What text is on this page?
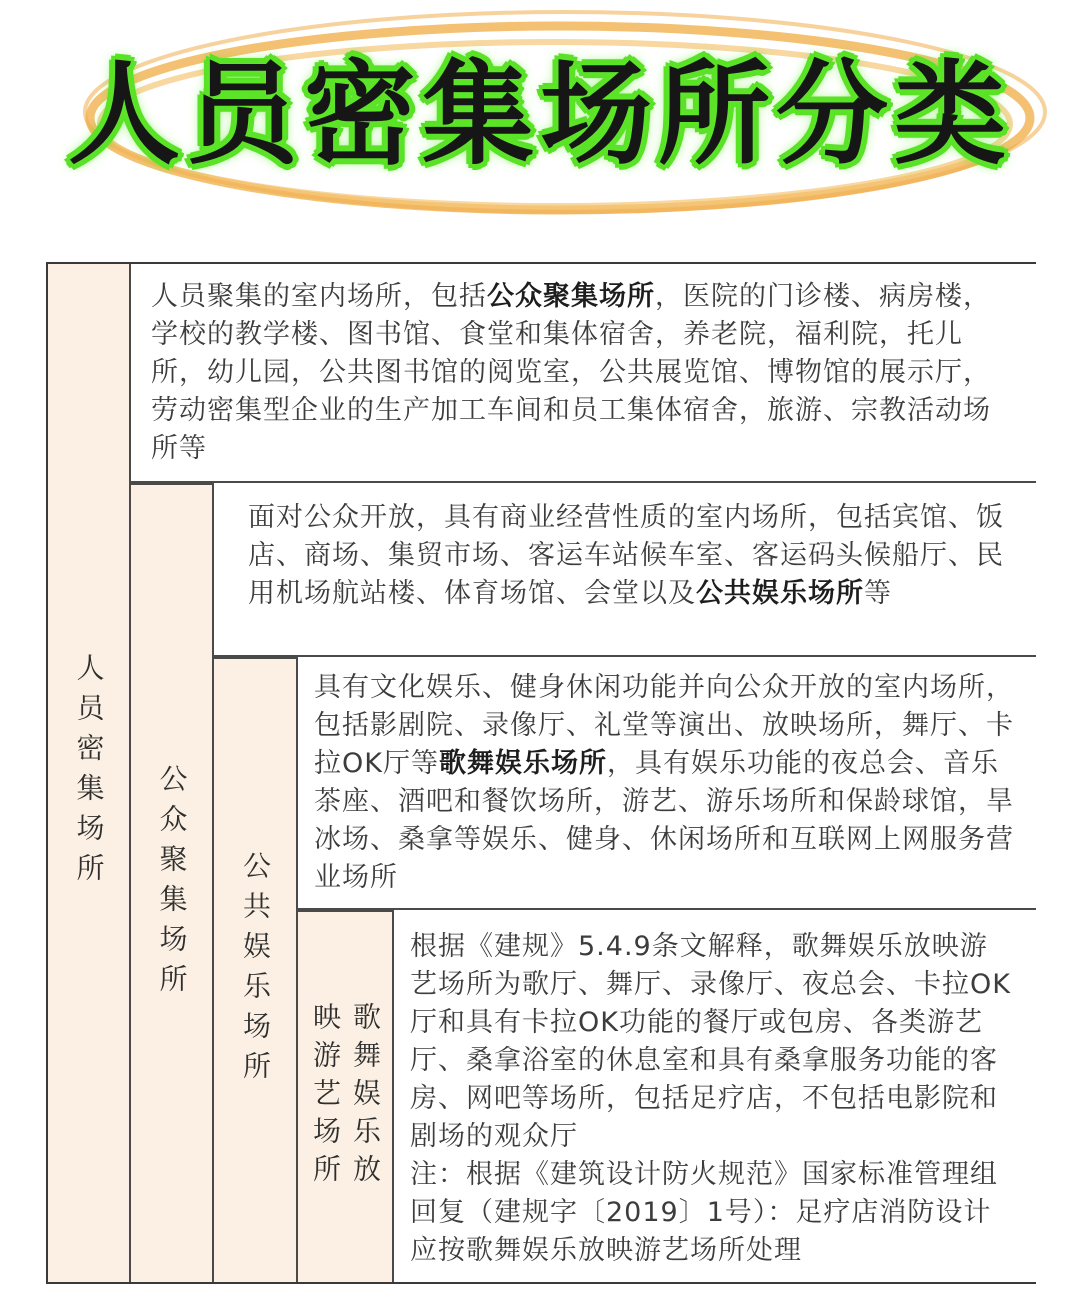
人员密集场所分类
人员密集场所 公众聚集场所 公共娱乐场所
歌舞娱乐放映游艺场所
人员聚集的室内场所，包括公众聚集场所，医院的门诊楼、病房楼，学校的教学楼、图书馆、食堂和集体宿舍，养老院，福利院，托儿所，幼儿园，公共图书馆的阅览室，公共展览馆、博物馆的展示厅，劳动密集型企业的生产加工车间和员工集体宿舍，旅游、宗教活动场所等
面对公众开放，具有商业经营性质的室内场所，包括宾馆、饭店、商场、集贸市场、客运车站候车室、客运码头候船厅、民用机场航站楼、体育场馆、会堂以及公共娱乐场所等
具有文化娱乐、健身休闲功能并向公众开放的室内场所，包括影剧院、录像厅、礼堂等演出、放映场所，舞厅、卡拉OK厅等歌舞娱乐场所，具有娱乐功能的夜总会、音乐茶座、酒吧和餐饮场所，游艺、游乐场所和保龄球馆，旱冰场、桑拿等娱乐、健身、休闲场所和互联网上网服务营业场所
根据《建规》5.4.9条文解释，歌舞娱乐放映游艺场所为歌厅、舞厅、录像厅、夜总会、卡拉OK厅和具有卡拉OK功能的餐厅或包房、各类游艺厅、桑拿浴室的休息室和具有桑拿服务功能的客房、网吧等场所，包括足疗店，不包括电影院和剧场的观众厅
注：根据《建筑设计防火规范》国家标准管理组回复（建规字〔2019〕1号）：足疗店消防设计应按歌舞娱乐放映游艺场所处理
